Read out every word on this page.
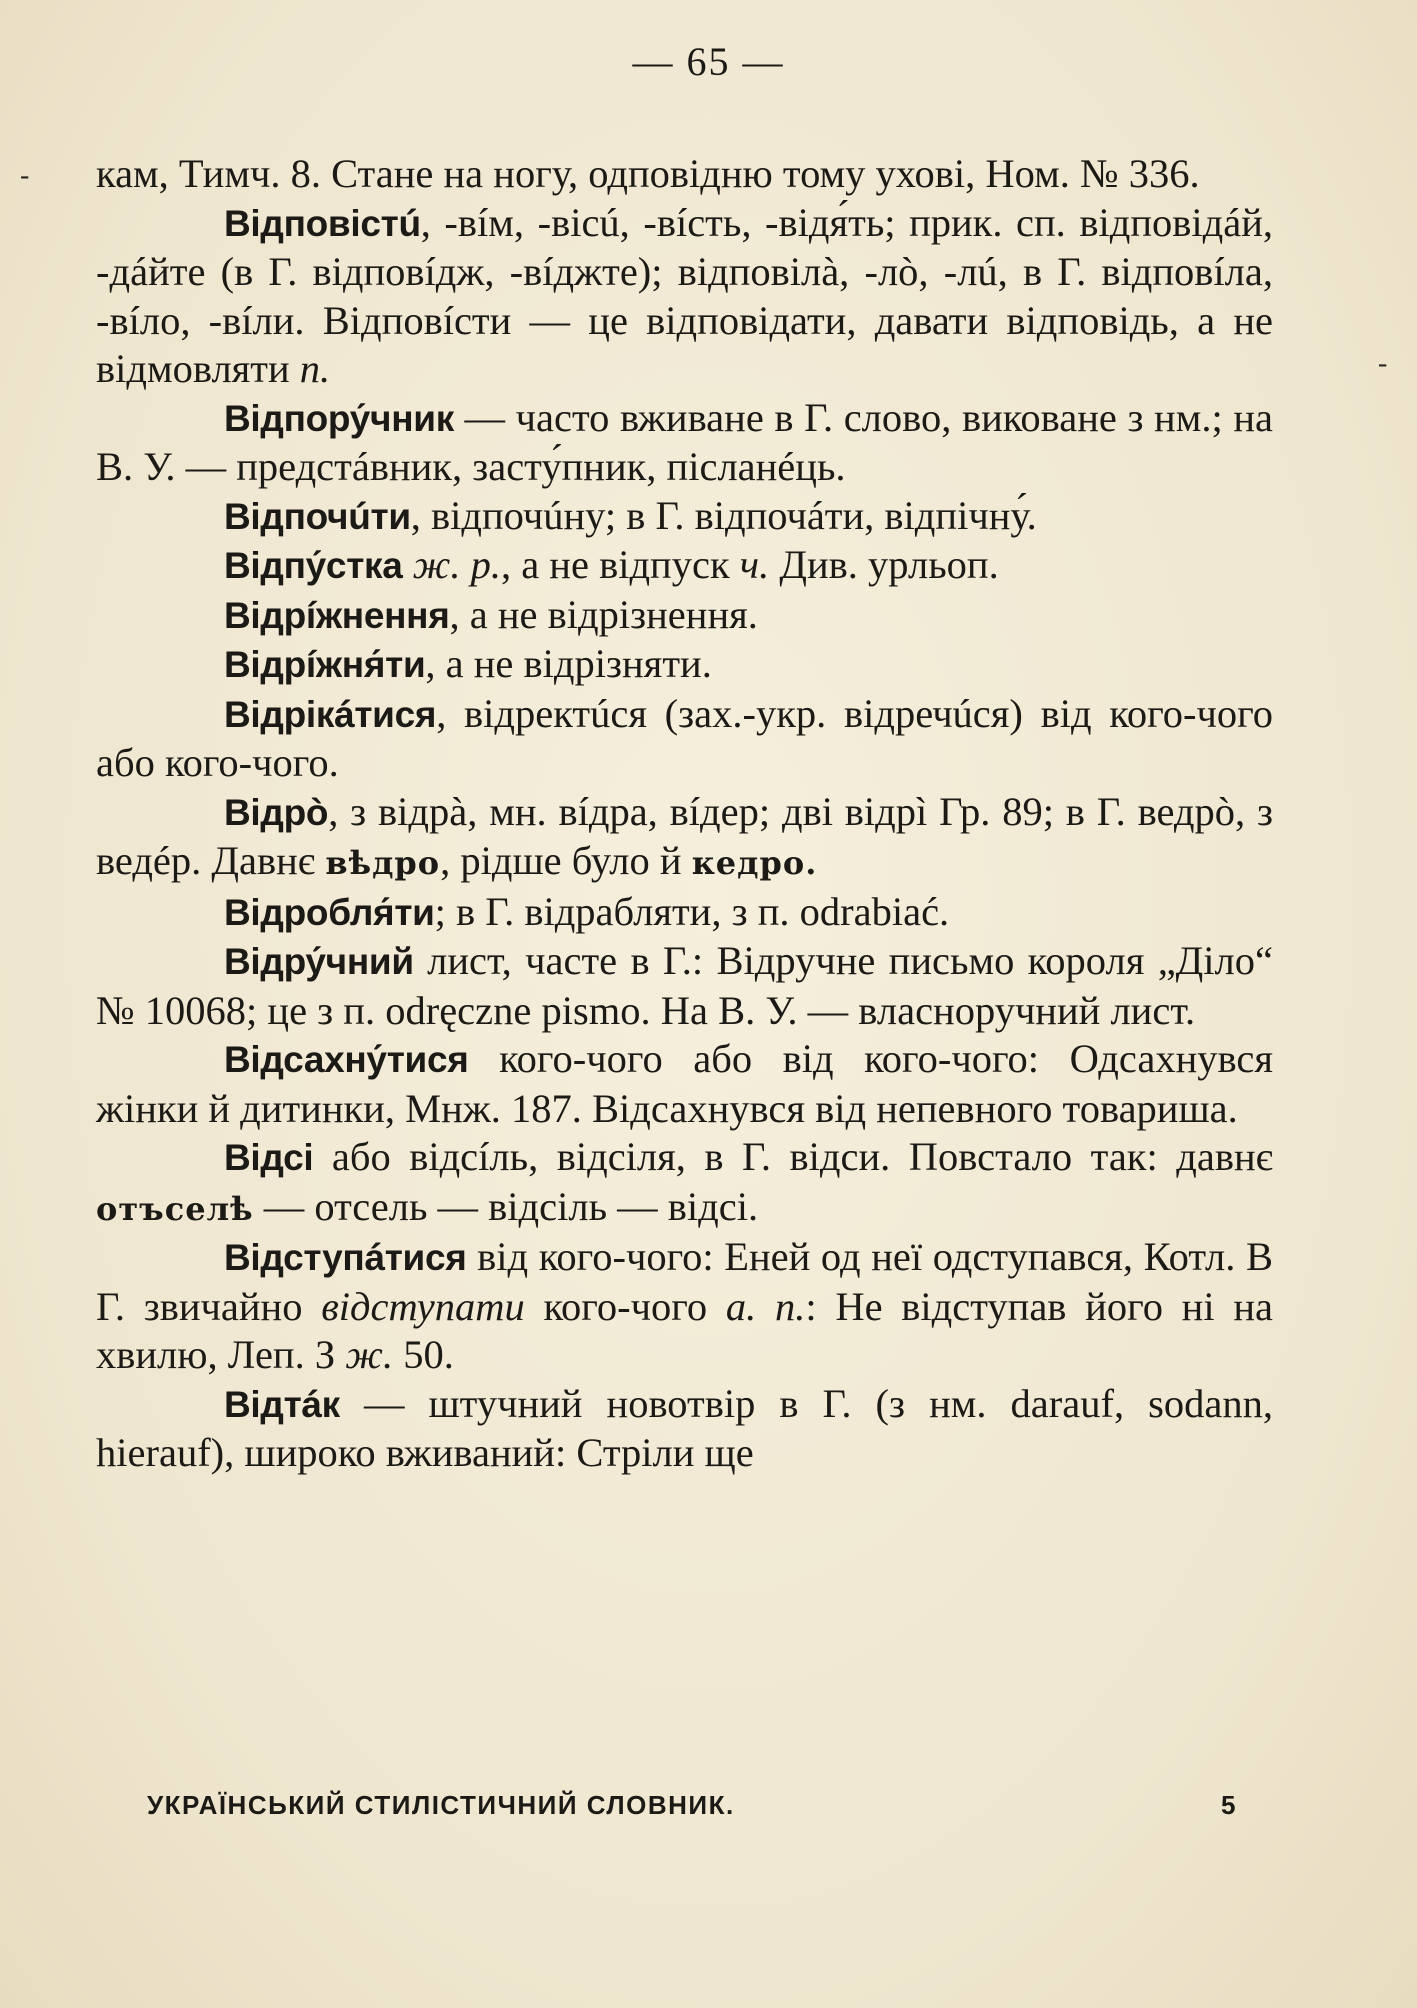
— 65 —
-
-

кам, Тимч. 8. Стане на ногу, одповідню тому ухові, Ном. № 336.

Відповістú, -вíм, -вісú, -вíсть, -відя́ть; прик. сп. відповідáй, -дáйте (в Г. відповíдж, -вíджте); відповілà, -лò, -лú, в Г. відповíла, -вíло, -вíли. Відповíсти — це відповідати, давати відповідь, а не відмовляти п.

Відпору́чник — часто вживане в Г. слово, виковане з нм.; на В. У. — предстáвник, засту́пник, післанéць.

Відпочúти, відпочúну; в Г. відпочáти, відпічну́.

Відпу́стка ж. р., а не відпуск ч. Див. урльоп.

Відрíжнення, а не відрізнення.

Відрíжня́ти, а не відрізняти.

Відрікáтися, відректúся (зах.-укр. відречúся) від кого-чого або кого-чого.

Відрò, з відрà, мн. вíдра, вíдер; дві відрì Гр. 89; в Г. ведрò, з ведéр. Давнє вѣдро, рідше було й кедро.

Відробля́ти; в Г. відрабляти, з п. odrabiać.

Відру́чний лист, часте в Г.: Відручне письмо короля „Діло“ № 10068; це з п. odręczne pismo. На В. У. — власноручний лист.

Відсахну́тися кого-чого або від кого-чого: Одсахнувся жінки й дитинки, Мнж. 187. Відсахнувся від непевного товариша.

Відсі або відсíль, відсіля, в Г. відси. Повстало так: давнє отъселѣ — отсель — відсіль — відсі.

Відступáтися від кого-чого: Еней од неї одступався, Котл. В Г. звичайно відступати кого-чого а. п.: Не відступав його ні на хвилю, Леп. З ж. 50.

Відтáк — штучний новотвір в Г. (з нм. darauf, sodann, hierauf), широко вживаний: Стріли ще

УКРАЇНСЬКИЙ СТИЛІСТИЧНИЙ СЛОВНИК.	5
